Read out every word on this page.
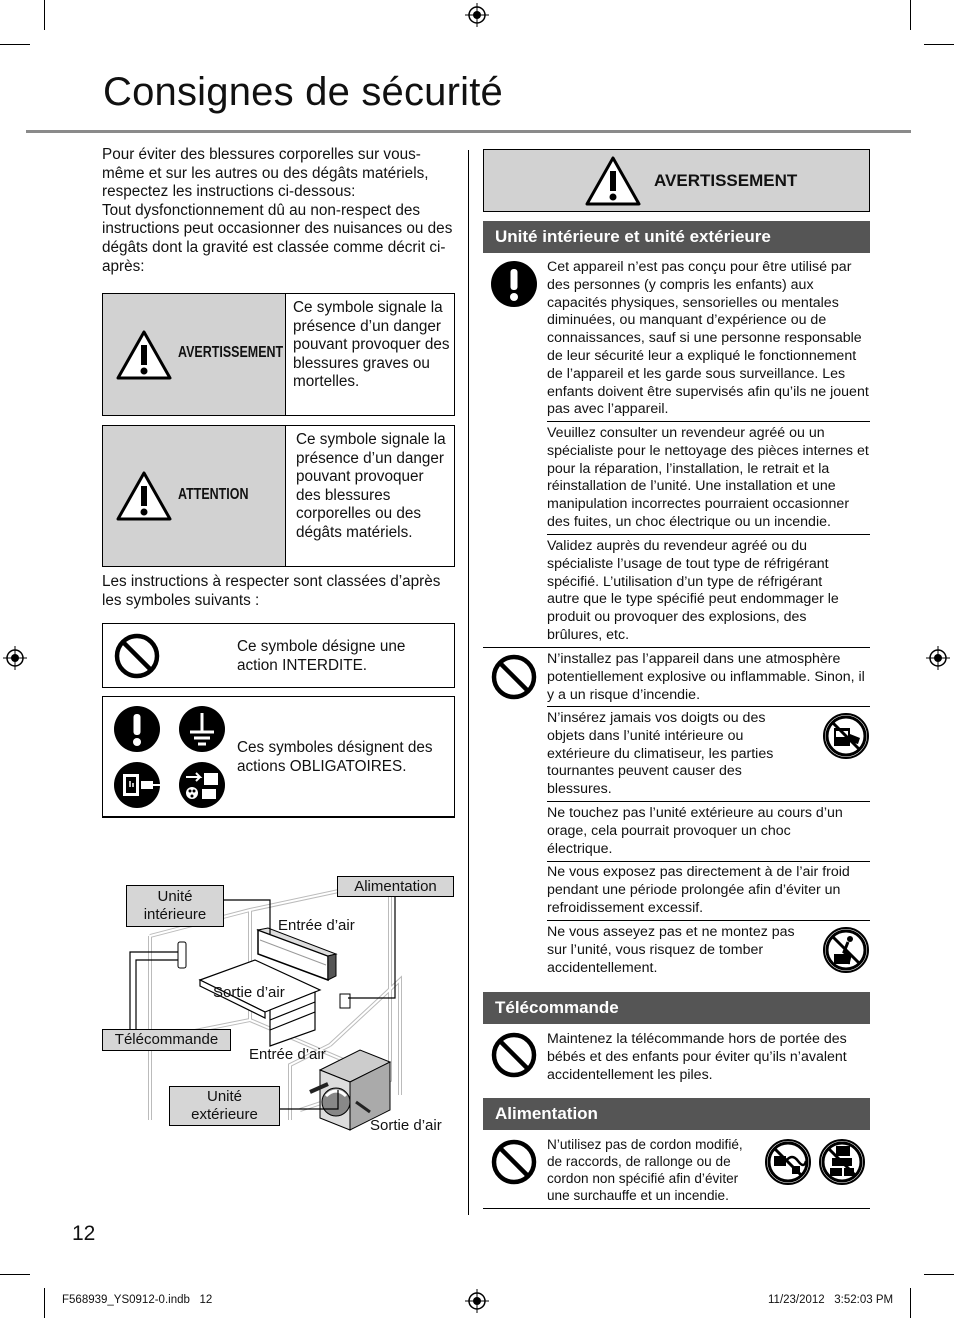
Consignes de sécurité
Pour éviter des blessures corporelles sur vous-même et sur les autres ou des dégâts matériels, respectez les instructions ci-dessous:
Tout dysfonctionnement dû au non-respect des instructions peut occasionner des nuisances ou des dégâts dont la gravité est classée comme décrit ci-après:
AVERTISSEMENT
Ce symbole signale la présence d’un danger pouvant provoquer des blessures graves ou mortelles.
ATTENTION
Ce symbole signale la présence d’un danger pouvant provoquer des blessures corporelles ou des dégâts matériels.
Les instructions à respecter sont classées d’après les symboles suivants :
Ce symbole désigne une action INTERDITE.
Ces symboles désignent des actions OBLIGATOIRES.
Unité intérieure
Alimentation
Entrée d’air
Sortie d’air
Télécommande
Entrée d’air
Unité extérieure
Sortie d’air
AVERTISSEMENT
Unité intérieure et unité extérieure
Cet appareil n’est pas conçu pour être utilisé par des personnes (y compris les enfants) aux capacités physiques, sensorielles ou mentales diminuées, ou manquant d’expérience ou de connaissances, sauf si une personne responsable de leur sécurité leur a expliqué le fonctionnement de l’appareil et les garde sous surveillance. Les enfants doivent être supervisés afin qu’ils ne jouent pas avec l’appareil.
Veuillez consulter un revendeur agréé ou un spécialiste pour le nettoyage des pièces internes et pour la réparation, l’installation, le retrait et la réinstallation de l’unité. Une installation et une manipulation incorrectes pourraient occasionner des fuites, un choc électrique ou un incendie.
Validez auprès du revendeur agréé ou du spécialiste l’usage de tout type de réfrigérant spécifié. L’utilisation d’un type de réfrigérant autre que le type spécifié peut endommager le produit ou provoquer des explosions, des brûlures, etc.
N’installez pas l’appareil dans une atmosphère potentiellement explosive ou inflammable. Sinon, il y a un risque d’incendie.
N’insérez jamais vos doigts ou des objets dans l’unité intérieure ou extérieure du climatiseur, les parties tournantes peuvent causer des blessures.
Ne touchez pas l’unité extérieure au cours d’un orage, cela pourrait provoquer un choc électrique.
Ne vous exposez pas directement à de l’air froid pendant une période prolongée afin d’éviter un refroidissement excessif.
Ne vous asseyez pas et ne montez pas sur l’unité, vous risquez de tomber accidentellement.
Télécommande
Maintenez la télécommande hors de portée des bébés et des enfants pour éviter qu’ils n’avalent accidentellement les piles.
Alimentation
N’utilisez pas de cordon modifié, de raccords, de rallonge ou de cordon non spécifié afin d’éviter une surchauffe et un incendie.
12
F568939_YS0912-0.indb   12	11/23/2012   3:52:03 PM
